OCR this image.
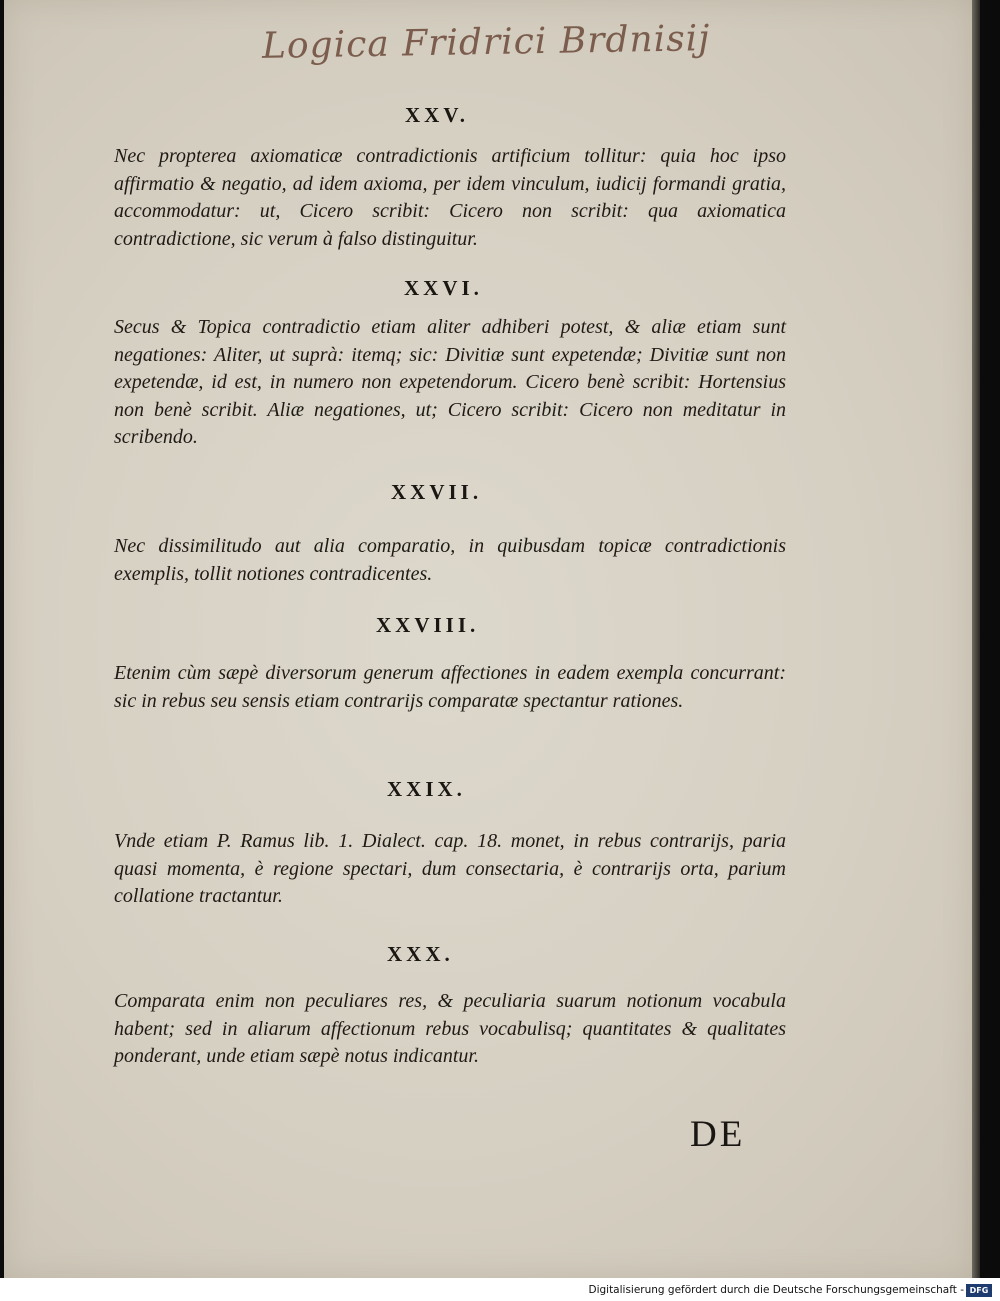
Logica Fridrici Brdnisij
XXV.
Nec propterea axiomaticæ contradictionis artificium tollitur: quia hoc ipso affirmatio & negatio, ad idem axioma, per idem vinculum, iudicij formandi gratia, accommodatur: ut, Cicero scribit: Cicero non scribit: qua axiomatica contradictione, sic verum à falso distinguitur.
XXVI.
Secus & Topica contradictio etiam aliter adhiberi potest, & aliæ etiam sunt negationes: Aliter, ut suprà: itemq; sic: Divitiæ sunt expetendæ; Divitiæ sunt non expetendæ, id est, in numero non expetendorum. Cicero benè scribit: Hortensius non benè scribit. Aliæ negationes, ut; Cicero scribit: Cicero non meditatur in scribendo.
XXVII.
Nec dissimilitudo aut alia comparatio, in quibusdam topicæ contradictionis exemplis, tollit notiones contradicentes.
XXVIII.
Etenim cùm sæpè diversorum generum affectiones in eadem exempla concurrant: sic in rebus seu sensis etiam contrarijs comparatæ spectantur rationes.
XXIX.
Vnde etiam P. Ramus lib. 1. Dialect. cap. 18. monet, in rebus contrarijs, paria quasi momenta, è regione spectari, dum consectaria, è contrarijs orta, parium collatione tractantur.
XXX.
Comparata enim non peculiares res, & peculiaria suarum notionum vocabula habent; sed in aliarum affectionum rebus vocabulisq; quantitates & qualitates ponderant, unde etiam sæpè notus indicantur.
DE
Digitalisierung gefördert durch die Deutsche Forschungsgemeinschaft - DFG
